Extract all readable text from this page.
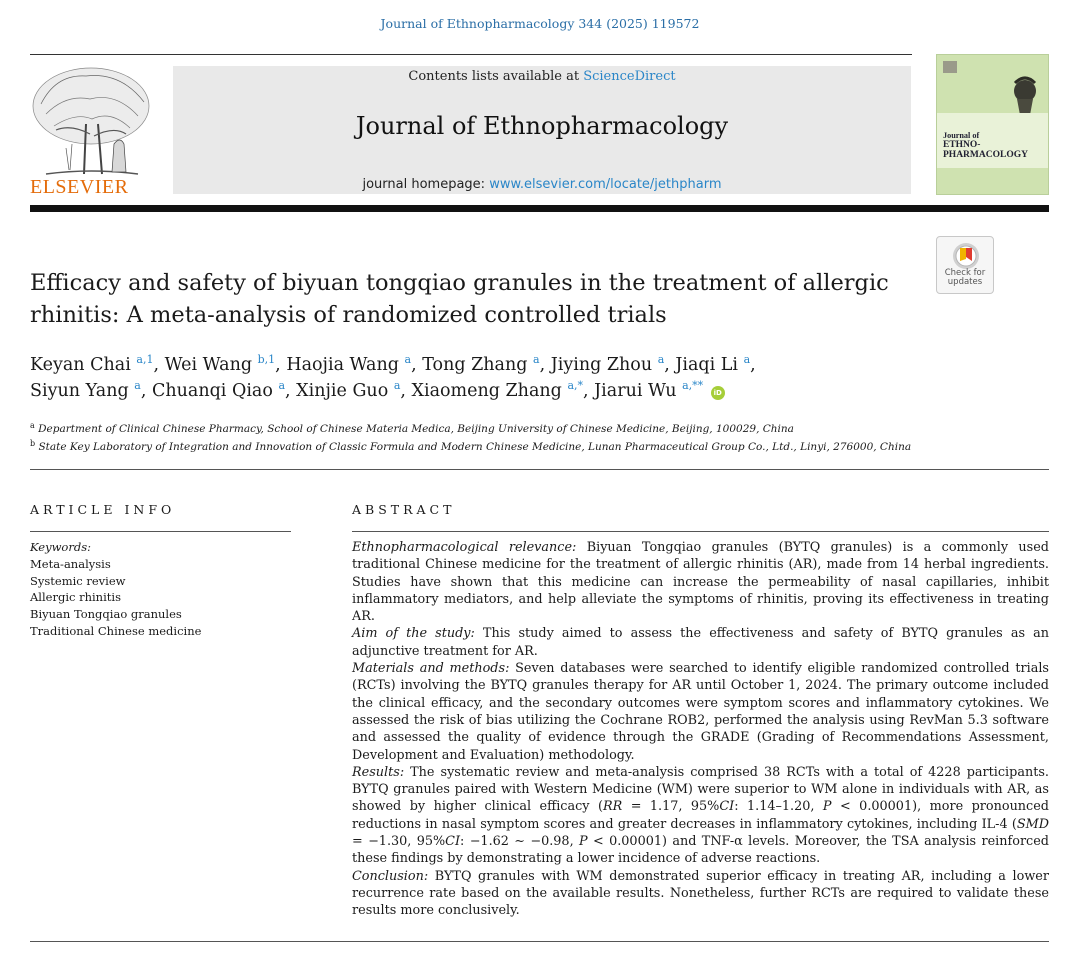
Journal of Ethnopharmacology 344 (2025) 119572
ELSEVIER
Contents lists available at ScienceDirect
Journal of Ethnopharmacology
journal homepage: www.elsevier.com/locate/jethpharm
Journal of
ETHNO-
PHARMACOLOGY
Check for updates
Efficacy and safety of biyuan tongqiao granules in the treatment of allergic
rhinitis: A meta-analysis of randomized controlled trials
Keyan Chai $^{a,1}$, Wei Wang $^{b,1}$, Haojia Wang $^a$, Tong Zhang $^a$, Jiying Zhou $^a$, Jiaqi Li $^a$,
Siyun Yang $^a$, Chuanqi Qiao $^a$, Xinjie Guo $^a$, Xiaomeng Zhang $^{a,*}$, Jiarui Wu $^{a,**}$ iD
$^a$ Department of Clinical Chinese Pharmacy, School of Chinese Materia Medica, Beijing University of Chinese Medicine, Beijing, 100029, China
$^b$ State Key Laboratory of Integration and Innovation of Classic Formula and Modern Chinese Medicine, Lunan Pharmaceutical Group Co., Ltd., Linyi, 276000, China
ARTICLE INFO
Keywords:
Meta-analysis
Systemic review
Allergic rhinitis
Biyuan Tongqiao granules
Traditional Chinese medicine
ABSTRACT

Ethnopharmacological relevance: Biyuan Tongqiao granules (BYTQ granules) is a commonly used traditional Chinese medicine for the treatment of allergic rhinitis (AR), made from 14 herbal ingredients. Studies have shown that this medicine can increase the permeability of nasal capillaries, inhibit inflammatory mediators, and help alleviate the symptoms of rhinitis, proving its effectiveness in treating AR.

Aim of the study: This study aimed to assess the effectiveness and safety of BYTQ granules as an adjunctive treatment for AR.

Materials and methods: Seven databases were searched to identify eligible randomized controlled trials (RCTs) involving the BYTQ granules therapy for AR until October 1, 2024. The primary outcome included the clinical efficacy, and the secondary outcomes were symptom scores and inflammatory cytokines. We assessed the risk of bias utilizing the Cochrane ROB2, performed the analysis using RevMan 5.3 software and assessed the quality of evidence through the GRADE (Grading of Recommendations Assessment, Development and Evaluation) methodology.

Results: The systematic review and meta-analysis comprised 38 RCTs with a total of 4228 participants. BYTQ granules paired with Western Medicine (WM) were superior to WM alone in individuals with AR, as showed by higher clinical efficacy (RR = 1.17, 95%CI: 1.14–1.20, P < 0.00001), more pronounced reductions in nasal symptom scores and greater decreases in inflammatory cytokines, including IL-4 (SMD = −1.30, 95%CI: −1.62 ∼ −0.98, P < 0.00001) and TNF-α levels. Moreover, the TSA analysis reinforced these findings by demonstrating a lower incidence of adverse reactions.

Conclusion: BYTQ granules with WM demonstrated superior efficacy in treating AR, including a lower recurrence rate based on the available results. Nonetheless, further RCTs are required to validate these results more conclusively.
